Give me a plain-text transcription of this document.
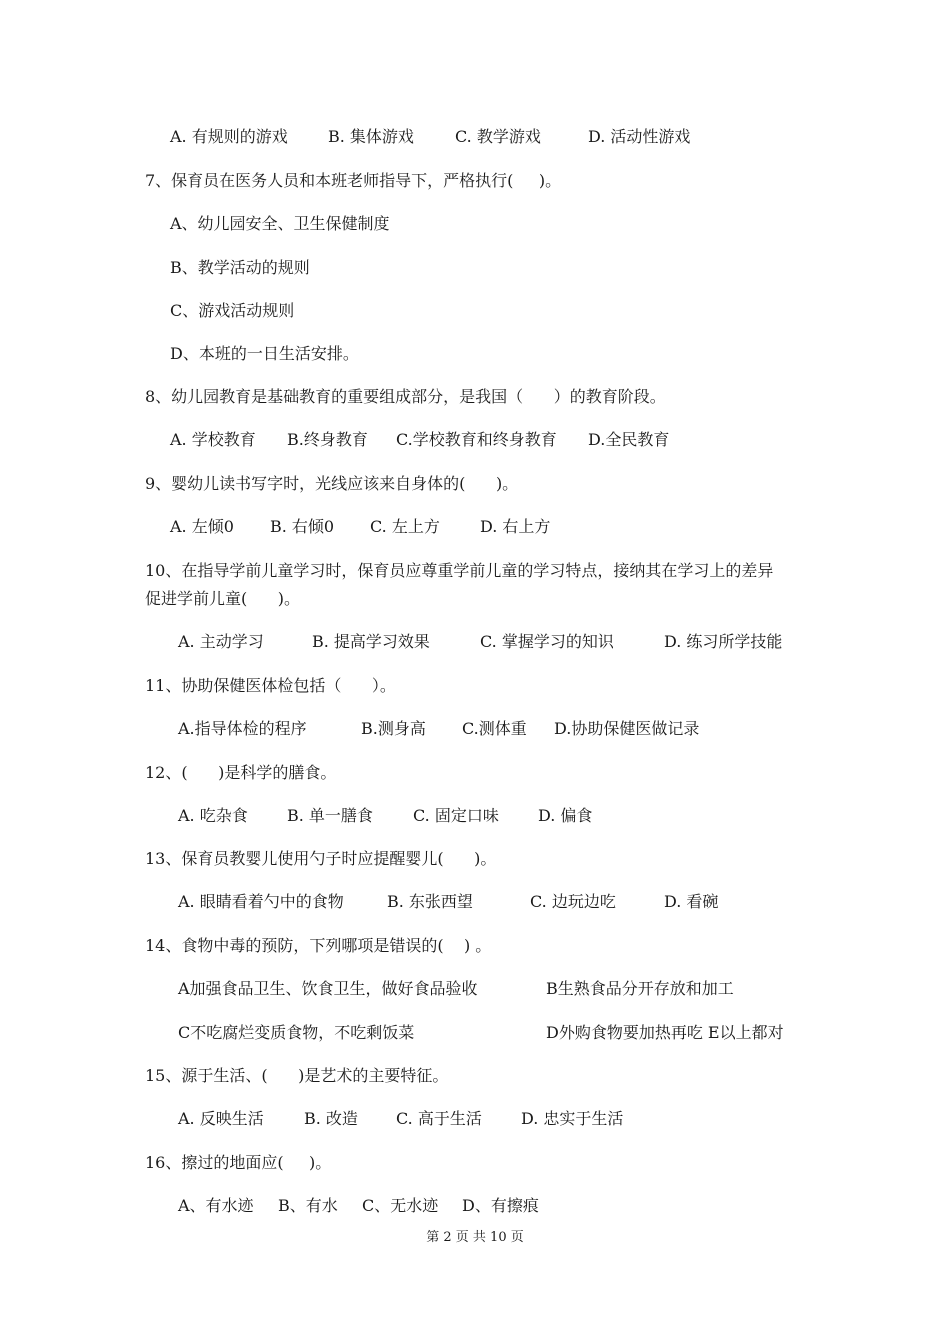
A. 有规则的游戏	B. 集体游戏	C. 教学游戏	D. 活动性游戏
7、保育员在医务人员和本班老师指导下，严格执行(     )。
A、幼儿园安全、卫生保健制度
B、教学活动的规则
C、游戏活动规则
D、本班的一日生活安排。
8、幼儿园教育是基础教育的重要组成部分，是我国（      ）的教育阶段。
A. 学校教育 B.终身教育 C.学校教育和终身教育 D.全民教育
9、婴幼儿读书写字时，光线应该来自身体的(      )。
A. 左倾0 B. 右倾0 C. 左上方	D. 右上方
10、在指导学前儿童学习时，保育员应尊重学前儿童的学习特点，接纳其在学习上的差异
促进学前儿童(      )。
A. 主动学习	B. 提高学习效果	C. 掌握学习的知识	D. 练习所学技能
11、协助保健医体检包括（      ）。
A.指导体检的程序	B.测身高 C.测体重 D.协助保健医做记录
12、(      )是科学的膳食。
A. 吃杂食 B. 单一膳食	C. 固定口味 D. 偏食
13、保育员教婴儿使用勺子时应提醒婴儿(      )。
A. 眼睛看着勺中的食物	B. 东张西望	C. 边玩边吃	D. 看碗
14、食物中毒的预防，下列哪项是错误的(    ) 。
A加强食品卫生、饮食卫生，做好食品验收	B生熟食品分开存放和加工
C不吃腐烂变质食物，不吃剩饭菜	D外购食物要加热再吃 E以上都对
15、源于生活、(      )是艺术的主要特征。
A. 反映生活	B. 改造 C. 高于生活 D. 忠实于生活
16、擦过的地面应(     )。
A、有水迹 B、有水 C、无水迹 D、有擦痕
第 2 页 共 10 页
